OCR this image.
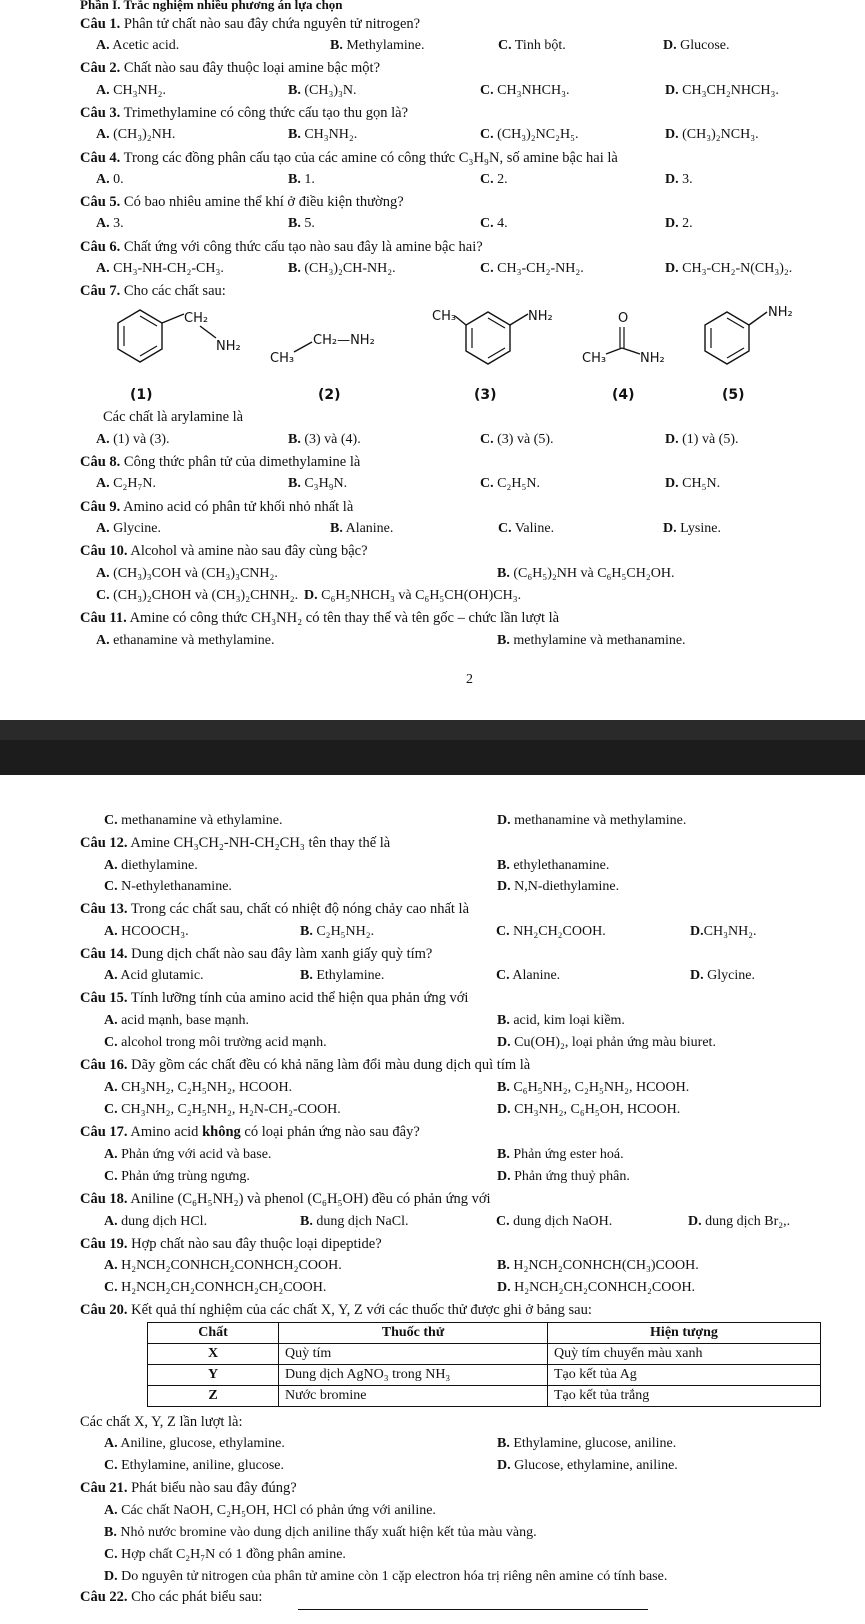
Phần I. Trắc nghiệm nhiều phương án lựa chọn
Câu 1. Phân tử chất nào sau đây chứa nguyên tử nitrogen?
A. Acetic acid.	B. Methylamine.	C. Tinh bột.	D. Glucose.
Câu 2. Chất nào sau đây thuộc loại amine bậc một?
A. CH₃NH₂.	B. (CH₃)₃N.	C. CH₃NHCH₃.	D. CH₃CH₂NHCH₃.
Câu 3. Trimethylamine có công thức cấu tạo thu gọn là?
A. (CH₃)₂NH.	B. CH₃NH₂.	C. (CH₃)₂NC₂H₅.	D. (CH₃)₂NCH₃.
Câu 4. Trong các đồng phân cấu tạo của các amine có công thức C₃H₉N, số amine bậc hai là
A. 0.	B. 1.	C. 2.	D. 3.
Câu 5. Có bao nhiêu amine thể khí ở điều kiện thường?
A. 3.	B. 5.	C. 4.	D. 2.
Câu 6. Chất ứng với công thức cấu tạo nào sau đây là amine bậc hai?
A. CH₃-NH-CH₂-CH₃.	B. (CH₃)₂CH-NH₂.	C. CH₃-CH₂-NH₂.	D. CH₃-CH₂-N(CH₃)₂.
Câu 7. Cho các chất sau:
CH₂
NH₂
(1)
CH₃
CH₂—NH₂
(2)
CH₃	NH₂
(3)
O
CH₃	NH₂
(4)
NH₂
(5)
Các chất là arylamine là
A. (1) và (3).	B. (3) và (4).	C. (3) và (5).	D. (1) và (5).
Câu 8. Công thức phân tử của dimethylamine là
A. C₂H₇N.	B. C₃H₉N.	C. C₂H₅N.	D. CH₅N.
Câu 9. Amino acid có phân tử khối nhỏ nhất là
A. Glycine.	B. Alanine.	C. Valine.	D. Lysine.
Câu 10. Alcohol và amine nào sau đây cùng bậc?
A. (CH₃)₃COH và (CH₃)₃CNH₂.	B. (C₆H₅)₂NH và C₆H₅CH₂OH.
C. (CH₃)₂CHOH và (CH₃)₂CHNH₂. D. C₆H₅NHCH₃ và C₆H₅CH(OH)CH₃.
Câu 11. Amine có công thức CH₃NH₂ có tên thay thế và tên gốc – chức lần lượt là
A. ethanamine và methylamine.	B. methylamine và methanamine.
2
C. methanamine và ethylamine.	D. methanamine và methylamine.
Câu 12. Amine CH₃CH₂-NH-CH₂CH₃ tên thay thế là
A. diethylamine.	B. ethylethanamine.
C. N-ethylethanamine.	D. N,N-diethylamine.
Câu 13. Trong các chất sau, chất có nhiệt độ nóng chảy cao nhất là
A. HCOOCH₃.	B. C₂H₅NH₂.	C. NH₂CH₂COOH.	D.CH₃NH₂.
Câu 14. Dung dịch chất nào sau đây làm xanh giấy quỳ tím?
A. Acid glutamic.	B. Ethylamine.	C. Alanine.	D. Glycine.
Câu 15. Tính lưỡng tính của amino acid thể hiện qua phản ứng với
A. acid mạnh, base mạnh.	B. acid, kim loại kiềm.
C. alcohol trong môi trường acid mạnh.	D. Cu(OH)₂, loại phản ứng màu biuret.
Câu 16. Dãy gồm các chất đều có khả năng làm đổi màu dung dịch quì tím là
A. CH₃NH₂, C₂H₅NH₂, HCOOH.	B. C₆H₅NH₂, C₂H₅NH₂, HCOOH.
C. CH₃NH₂, C₂H₅NH₂, H₂N-CH₂-COOH.	D. CH₃NH₂, C₆H₅OH, HCOOH.
Câu 17. Amino acid không có loại phản ứng nào sau đây?
A. Phản ứng với acid và base.	B. Phản ứng ester hoá.
C. Phản ứng trùng ngưng.	D. Phản ứng thuỷ phân.
Câu 18. Aniline (C₆H₅NH₂) và phenol (C₆H₅OH) đều có phản ứng với
A. dung dịch HCl.	B. dung dịch NaCl.	C. dung dịch NaOH.	D. dung dịch Br₂,.
Câu 19. Hợp chất nào sau đây thuộc loại dipeptide?
A. H₂NCH₂CONHCH₂CONHCH₂COOH.	B. H₂NCH₂CONHCH(CH₃)COOH.
C. H₂NCH₂CH₂CONHCH₂CH₂COOH.	D. H₂NCH₂CH₂CONHCH₂COOH.
Câu 20. Kết quả thí nghiệm của các chất X, Y, Z với các thuốc thử được ghi ở bảng sau:
Chất	Thuốc thử	Hiện tượng
X	Quỳ tím	Quỳ tím chuyển màu xanh
Y	Dung dịch AgNO₃ trong NH₃	Tạo kết tủa Ag
Z	Nước bromine	Tạo kết tủa trắng
Các chất X, Y, Z lần lượt là:
A. Aniline, glucose, ethylamine.	B. Ethylamine, glucose, aniline.
C. Ethylamine, aniline, glucose.	D. Glucose, ethylamine, aniline.
Câu 21. Phát biểu nào sau đây đúng?
A. Các chất NaOH, C₂H₅OH, HCl có phản ứng với aniline.
B. Nhỏ nước bromine vào dung dịch aniline thấy xuất hiện kết tủa màu vàng.
C. Hợp chất C₂H₇N có 1 đồng phân amine.
D. Do nguyên tử nitrogen của phân tử amine còn 1 cặp electron hóa trị riêng nên amine có tính base.
Câu 22. Cho các phát biểu sau:
